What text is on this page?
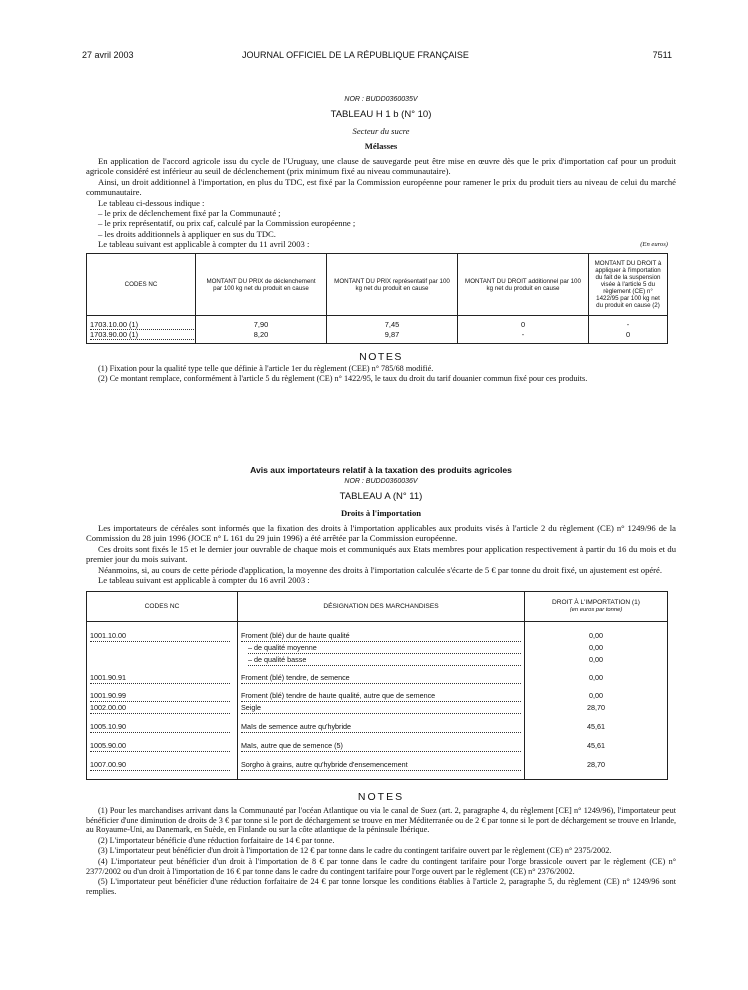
27 avril 2003	JOURNAL OFFICIEL DE LA RÉPUBLIQUE FRANÇAISE	7511
NOR : BUDD0360035V
TABLEAU H 1 b (N° 10)
Secteur du sucre
Mélasses

En application de l'accord agricole issu du cycle de l'Uruguay, une clause de sauvegarde peut être mise en œuvre dès que le prix d'importation caf pour un produit agricole considéré est inférieur au seuil de déclenchement (prix minimum fixé au niveau communautaire).

Ainsi, un droit additionnel à l'importation, en plus du TDC, est fixé par la Commission européenne pour ramener le prix du produit tiers au niveau de celui du marché communautaire.

Le tableau ci-dessous indique :

– le prix de déclenchement fixé par la Communauté ;

– le prix représentatif, ou prix caf, calculé par la Commission européenne ;

– les droits additionnels à appliquer en sus du TDC.

Le tableau suivant est applicable à compter du 11 avril 2003 :	(En euros)
CODES NC	MONTANT DU PRIX de déclenchement par 100 kg net du produit en cause	MONTANT DU PRIX représentatif par 100 kg net du produit en cause	MONTANT DU DROIT additionnel par 100 kg net du produit en cause	MONTANT DU DROIT à appliquer à l'importation du fait de la suspension visée à l'article 5 du règlement (CE) n° 1422/95 par 100 kg net du produit en cause (2)
1703.10.00 (1)	7,90	7,45	0	-
1703.90.00 (1)	8,20	9,87	-	0
NOTES

(1) Fixation pour la qualité type telle que définie à l'article 1er du règlement (CEE) n° 785/68 modifié.

(2) Ce montant remplace, conformément à l'article 5 du règlement (CE) n° 1422/95, le taux du droit du tarif douanier commun fixé pour ces produits.

Avis aux importateurs relatif à la taxation des produits agricoles
NOR : BUDD0360036V
TABLEAU A (N° 11)
Droits à l'importation

Les importateurs de céréales sont informés que la fixation des droits à l'importation applicables aux produits visés à l'article 2 du règlement (CE) n° 1249/96 de la Commission du 28 juin 1996 (JOCE n° L 161 du 29 juin 1996) a été arrêtée par la Commission européenne.

Ces droits sont fixés le 15 et le dernier jour ouvrable de chaque mois et communiqués aux Etats membres pour application respectivement à partir du 16 du mois et du premier jour du mois suivant.

Néanmoins, si, au cours de cette période d'application, la moyenne des droits à l'importation calculée s'écarte de 5 € par tonne du droit fixé, un ajustement est opéré.

Le tableau suivant est applicable à compter du 16 avril 2003 :

CODES NC	DÉSIGNATION DES MARCHANDISES	DROIT À L'IMPORTATION (1)
(en euros par tonne)

1001.10.00	Froment (blé) dur de haute qualité	0,00
	– de qualité moyenne	0,00
	– de qualité basse	0,00
1001.90.91	Froment (blé) tendre, de semence	0,00
1001.90.99	Froment (blé) tendre de haute qualité, autre que de semence	0,00
1002.00.00	Seigle	28,70
1005.10.90	Maïs de semence autre qu'hybride	45,61
1005.90.00	Maïs, autre que de semence (5)	45,61
1007.00.90	Sorgho à grains, autre qu'hybride d'ensemencement	28,70
NOTES

(1) Pour les marchandises arrivant dans la Communauté par l'océan Atlantique ou via le canal de Suez (art. 2, paragraphe 4, du règlement [CE] n° 1249/96), l'importateur peut bénéficier d'une diminution de droits de 3 € par tonne si le port de déchargement se trouve en mer Méditerranée ou de 2 € par tonne si le port de déchargement se trouve en Irlande, au Royaume-Uni, au Danemark, en Suède, en Finlande ou sur la côte atlantique de la péninsule Ibérique.

(2) L'importateur bénéficie d'une réduction forfaitaire de 14 € par tonne.

(3) L'importateur peut bénéficier d'un droit à l'importation de 12 € par tonne dans le cadre du contingent tarifaire ouvert par le règlement (CE) n° 2375/2002.

(4) L'importateur peut bénéficier d'un droit à l'importation de 8 € par tonne dans le cadre du contingent tarifaire pour l'orge brassicole ouvert par le règlement (CE) n° 2377/2002 ou d'un droit à l'importation de 16 € par tonne dans le cadre du contingent tarifaire pour l'orge ouvert par le règlement (CE) n° 2376/2002.

(5) L'importateur peut bénéficier d'une réduction forfaitaire de 24 € par tonne lorsque les conditions établies à l'article 2, paragraphe 5, du règlement (CE) n° 1249/96 sont remplies.
